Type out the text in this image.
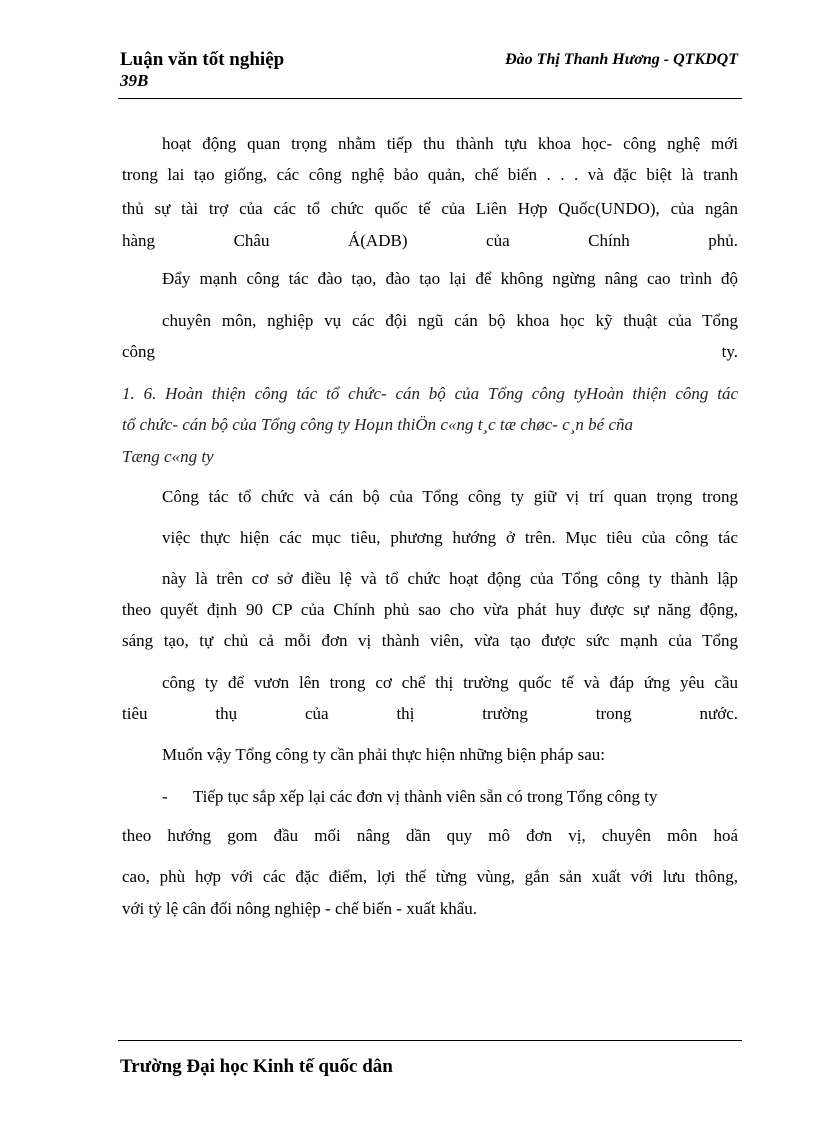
Luận văn tốt nghiệp
39B
Đào Thị Thanh Hương - QTKDQT
hoạt động quan trọng nhằm tiếp thu thành tựu khoa học- công nghệ mới
trong lai tạo giống, các công nghệ bảo quản, chế biến . . . và đặc biệt là tranh
thủ sự tài trợ của các tổ chức quốc tế của Liên Hợp Quốc(UNDO), của ngân
hàng Châu Á(ADB) của Chính phủ.
Đẩy mạnh công tác đào tạo, đào tạo lại để không ngừng nâng cao trình độ
chuyên môn, nghiệp vụ các đội ngũ cán bộ khoa học kỹ thuật của Tổng
công ty.
1. 6. Hoàn thiện công tác tổ chức- cán bộ của Tổng công tyHoàn thiện công tác
tổ chức- cán bộ của Tổng công ty Hoµn thiÖn c«ng t¸c tæ chøc- c¸n bé cña
Tæng c«ng ty
Công tác tổ chức và cán bộ của Tổng công ty giữ vị trí quan trọng trong
việc thực hiện các mục tiêu, phương hướng ở trên. Mục tiêu của công tác
này là trên cơ sở điều lệ và tổ chức hoạt động của Tổng công ty thành lập
theo quyết định 90 CP của Chính phủ sao cho vừa phát huy được sự năng động,
sáng tạo, tự chủ cả mỗi đơn vị thành viên, vừa tạo được sức mạnh của Tổng
công ty để vươn lên trong cơ chế thị trường quốc tế và đáp ứng yêu cầu
tiêu thụ của thị trường trong nước.
Muốn vậy Tổng công ty cần phải thực hiện những biện pháp sau:
-      Tiếp tục sắp xếp lại các đơn vị thành viên sẵn có trong Tổng công ty
theo hướng gom đầu mối nâng dần quy mô đơn vị, chuyên môn hoá
cao, phù hợp với các đặc điểm, lợi thế từng vùng, gắn sản xuất với lưu thông,
với tỷ lệ cân đối nông nghiệp - chế biến - xuất khẩu.
Trường Đại học Kinh tế quốc dân
